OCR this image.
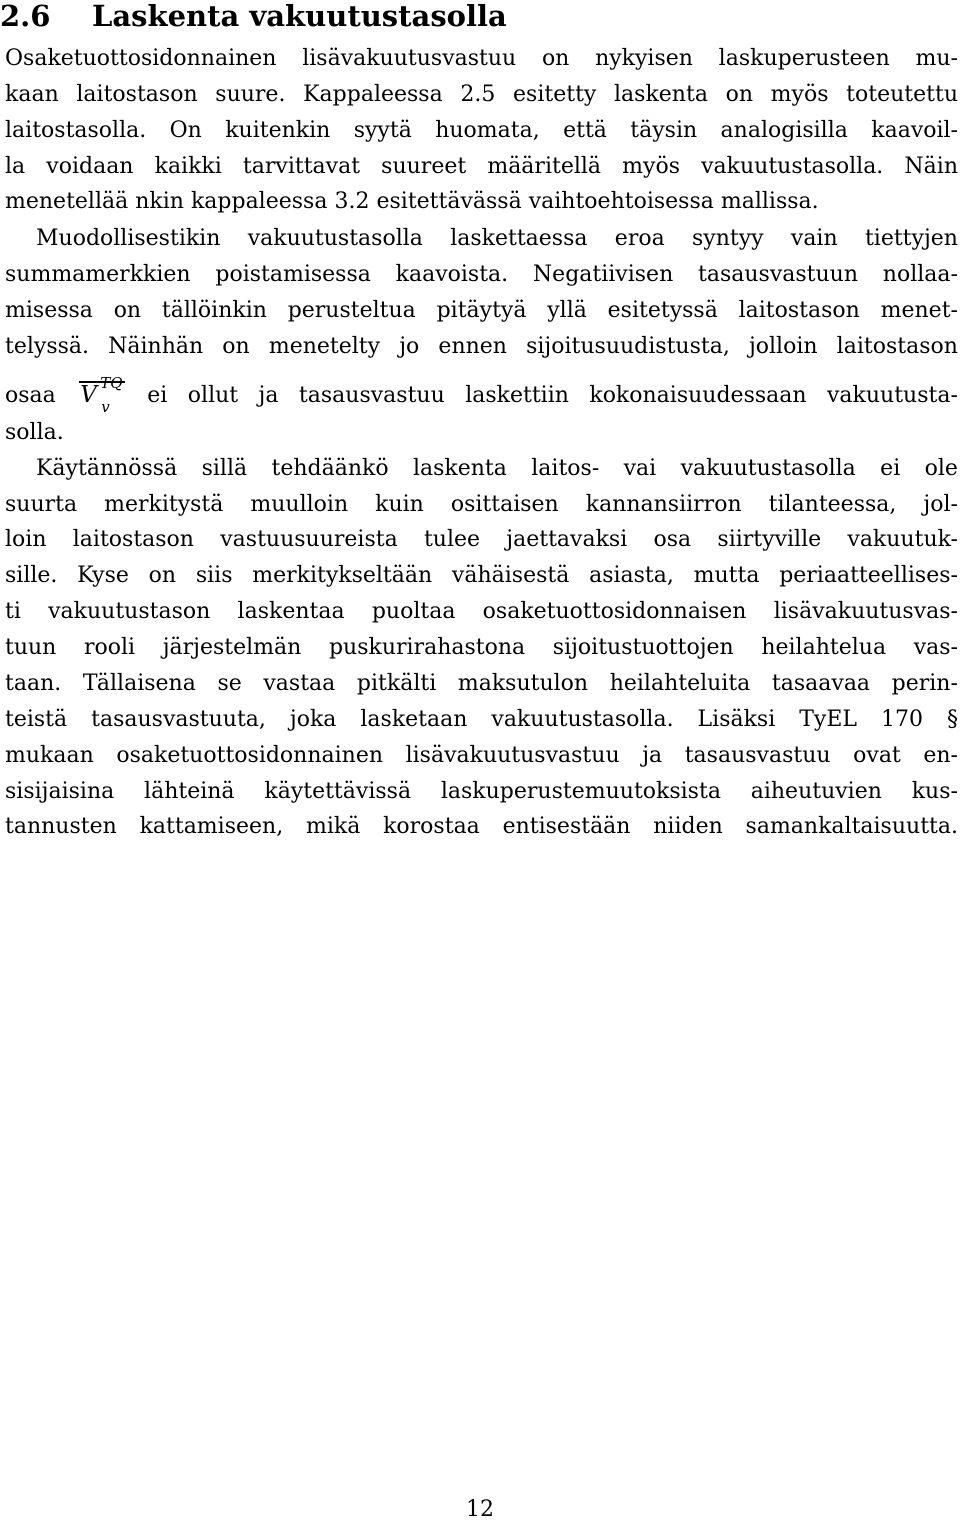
2.6 Laskenta vakuutustasolla
Osaketuottosidonnainen lisävakuutusvastuu on nykyisen laskuperusteen mu-
kaan laitostason suure. Kappaleessa 2.5 esitetty laskenta on myös toteutettu
laitostasolla. On kuitenkin syytä huomata, että täysin analogisilla kaavoil-
la voidaan kaikki tarvittavat suureet määritellä myös vakuutustasolla. Näin
menetellää nkin kappaleessa 3.2 esitettävässä vaihtoehtoisessa mallissa.
Muodollisestikin vakuutustasolla laskettaessa eroa syntyy vain tiettyjen
summamerkkien poistamisessa kaavoista. Negatiivisen tasausvastuun nollaa-
misessa on tällöinkin perusteltua pitäytyä yllä esitetyssä laitostason menet-
telyssä. Näinhän on menetelty jo ennen sijoitusuudistusta, jolloin laitostason
osaa V TQ
v ei ollut ja tasausvastuu laskettiin kokonaisuudessaan vakuutusta-
solla.
Käytännössä sillä tehdäänkö laskenta laitos- vai vakuutustasolla ei ole
suurta merkitystä muulloin kuin osittaisen kannansiirron tilanteessa, jol-
loin laitostason vastuusuureista tulee jaettavaksi osa siirtyville vakuutuk-
sille. Kyse on siis merkitykseltään vähäisestä asiasta, mutta periaatteellises-
ti vakuutustason laskentaa puoltaa osaketuottosidonnaisen lisävakuutusvas-
tuun rooli järjestelmän puskurirahastona sijoitustuottojen heilahtelua vas-
taan. Tällaisena se vastaa pitkälti maksutulon heilahteluita tasaavaa perin-
teistä tasausvastuuta, joka lasketaan vakuutustasolla. Lisäksi TyEL 170 §
mukaan osaketuottosidonnainen lisävakuutusvastuu ja tasausvastuu ovat en-
sisijaisina lähteinä käytettävissä laskuperustemuutoksista aiheutuvien kus-
tannusten kattamiseen, mikä korostaa entisestään niiden samankaltaisuutta.
12
